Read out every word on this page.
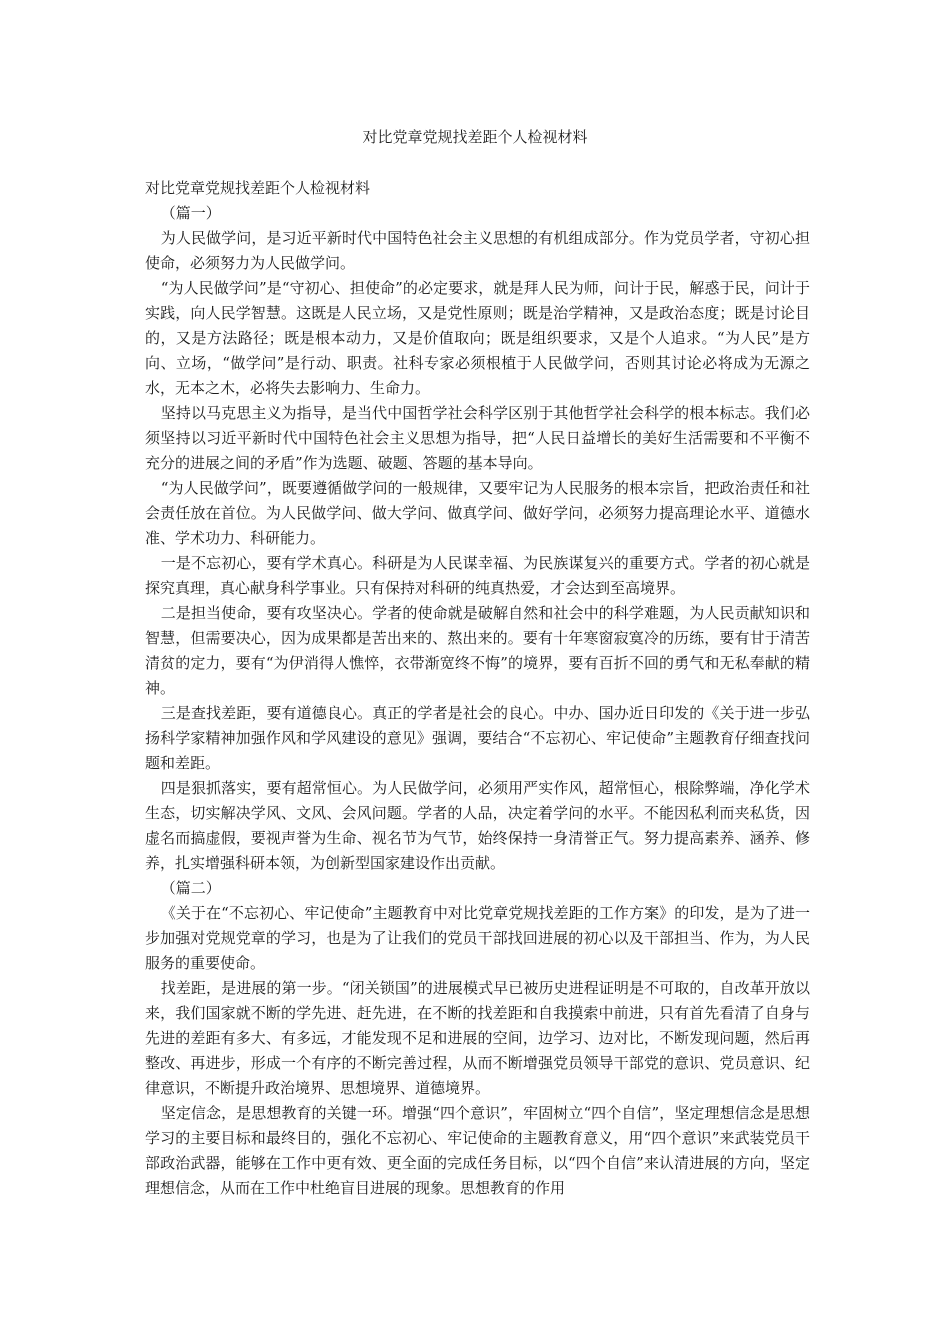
对比党章党规找差距个人检视材料

对比党章党规找差距个人检视材料

（篇一）

为人民做学问，是习近平新时代中国特色社会主义思想的有机组成部分。作为党员学者，守初心担使命，必须努力为人民做学问。

“为人民做学问”是“守初心、担使命”的必定要求，就是拜人民为师，问计于民，解惑于民，问计于实践，向人民学智慧。这既是人民立场，又是党性原则；既是治学精神，又是政治态度；既是讨论目的，又是方法路径；既是根本动力，又是价值取向；既是组织要求，又是个人追求。“为人民”是方向、立场，“做学问”是行动、职责。社科专家必须根植于人民做学问，否则其讨论必将成为无源之水，无本之木，必将失去影响力、生命力。

坚持以马克思主义为指导，是当代中国哲学社会科学区别于其他哲学社会科学的根本标志。我们必须坚持以习近平新时代中国特色社会主义思想为指导，把“人民日益增长的美好生活需要和不平衡不充分的进展之间的矛盾”作为选题、破题、答题的基本导向。

“为人民做学问”，既要遵循做学问的一般规律，又要牢记为人民服务的根本宗旨，把政治责任和社会责任放在首位。为人民做学问、做大学问、做真学问、做好学问，必须努力提高理论水平、道德水准、学术功力、科研能力。

一是不忘初心，要有学术真心。科研是为人民谋幸福、为民族谋复兴的重要方式。学者的初心就是探究真理，真心献身科学事业。只有保持对科研的纯真热爱，才会达到至高境界。

二是担当使命，要有攻坚决心。学者的使命就是破解自然和社会中的科学难题，为人民贡献知识和智慧，但需要决心，因为成果都是苦出来的、熬出来的。要有十年寒窗寂寞冷的历练，要有甘于清苦清贫的定力，要有“为伊消得人憔悴，衣带渐宽终不悔”的境界，要有百折不回的勇气和无私奉献的精神。

三是查找差距，要有道德良心。真正的学者是社会的良心。中办、国办近日印发的《关于进一步弘扬科学家精神加强作风和学风建设的意见》强调，要结合“不忘初心、牢记使命”主题教育仔细查找问题和差距。

四是狠抓落实，要有超常恒心。为人民做学问，必须用严实作风，超常恒心，根除弊端，净化学术生态，切实解决学风、文风、会风问题。学者的人品，决定着学问的水平。不能因私利而夹私货，因虚名而搞虚假，要视声誉为生命、视名节为气节，始终保持一身清誉正气。努力提高素养、涵养、修养，扎实增强科研本领，为创新型国家建设作出贡献。

（篇二）

《关于在“不忘初心、牢记使命”主题教育中对比党章党规找差距的工作方案》的印发，是为了进一步加强对党规党章的学习，也是为了让我们的党员干部找回进展的初心以及干部担当、作为，为人民服务的重要使命。

找差距，是进展的第一步。“闭关锁国”的进展模式早已被历史进程证明是不可取的，自改革开放以来，我们国家就不断的学先进、赶先进，在不断的找差距和自我摸索中前进，只有首先看清了自身与先进的差距有多大、有多远，才能发现不足和进展的空间，边学习、边对比，不断发现问题，然后再整改、再进步，形成一个有序的不断完善过程，从而不断增强党员领导干部党的意识、党员意识、纪律意识，不断提升政治境界、思想境界、道德境界。

坚定信念，是思想教育的关键一环。增强“四个意识”，牢固树立“四个自信”，坚定理想信念是思想学习的主要目标和最终目的，强化不忘初心、牢记使命的主题教育意义，用“四个意识”来武装党员干部政治武器，能够在工作中更有效、更全面的完成任务目标，以“四个自信”来认清进展的方向，坚定理想信念，从而在工作中杜绝盲目进展的现象。思想教育的作用
